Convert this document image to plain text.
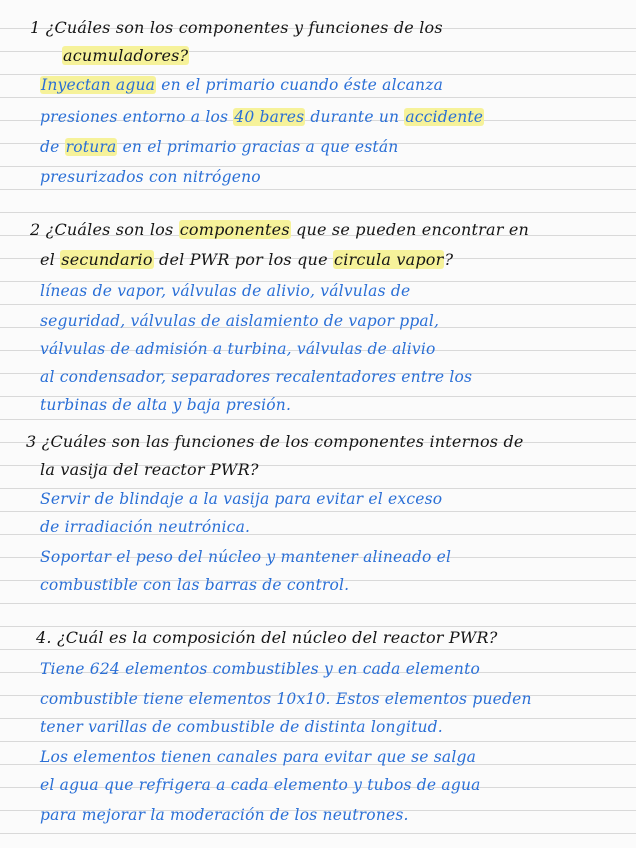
1 ¿Cuáles son los componentes y funciones de los
acumuladores?
Inyectan agua en el primario cuando éste alcanza
presiones entorno a los 40 bares durante un accidente
de rotura en el primario gracias a que están
presurizados con nitrógeno
2 ¿Cuáles son los componentes que se pueden encontrar en
el secundario del PWR por los que circula vapor?
líneas de vapor, válvulas de alivio, válvulas de
seguridad, válvulas de aislamiento de vapor ppal,
válvulas de admisión a turbina, válvulas de alivio
al condensador, separadores recalentadores entre los
turbinas de alta y baja presión.
3 ¿Cuáles son las funciones de los componentes internos de
la vasija del reactor PWR?
Servir de blindaje a la vasija para evitar el exceso
de irradiación neutrónica.
Soportar el peso del núcleo y mantener alineado el
combustible con las barras de control.
4. ¿Cuál es la composición del núcleo del reactor PWR?
Tiene 624 elementos combustibles y en cada elemento
combustible tiene elementos 10x10. Estos elementos pueden
tener varillas de combustible de distinta longitud.
Los elementos tienen canales para evitar que se salga
el agua que refrigera a cada elemento y tubos de agua
para mejorar la moderación de los neutrones.
